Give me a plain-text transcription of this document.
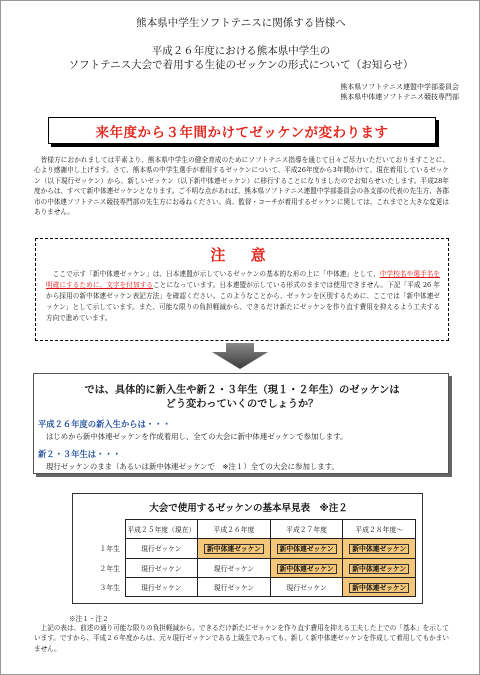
熊本県中学生ソフトテニスに関係する皆様へ
平成２６年度における熊本県中学生の
ソフトテニス大会で着用する生徒のゼッケンの形式について（お知らせ）
熊本県ソフトテニス連盟中学部委員会
熊本県中体連ソフトテニス競技専門部
来年度から３年間かけてゼッケンが変わります
　皆様方におかれましては平素より、熊本県中学生の健全育成のためにソフトテニス指導を通じて日々ご尽力いただいておりますことに、心より感謝申し上げます。さて、熊本県の中学生選手が着用するゼッケンについて、平成26年度から3年間かけて、現在着用しているゼッケン（以下現行ゼッケン）から、新しいゼッケン（以下新中体連ゼッケン）に移行することになりましたのでお知らせいたします。平成28年度からは、すべて新中体連ゼッケンとなります。ご不明な点があれば、熊本県ソフトテニス連盟中学部委員会の各支部の代表の先生方、各郡市の中体連ソフトテニス競技専門部の先生方にお尋ねください。尚、監督・コーチが着用するゼッケンに関しては、これまでと大きな変更はありません。
注 意
　ここで示す「新中体連ゼッケン」は、日本連盟が示しているゼッケンの基本的な形の上に「中体連」として、中学校名や選手名を明確にするために、文字を付加することになっています。日本連盟が示している形式のままでは使用できません。下記「平成 26 年から採用の新中体連ゼッケン表記方法」を確認ください。このようなことから、ゼッケンを区別するために、ここでは「新中体連ゼッケン」として示しています。また、可能な限りの負担軽減から、できるだけ新たにゼッケンを作り直す費用を抑えるよう工夫する方向で進めています。
では、具体的に新入生や新２・３年生（現１・２年生）のゼッケンは
どう変わっていくのでしょうか？
平成２６年度の新入生からは・・・
はじめから新中体連ゼッケンを作成着用し、全ての大会に新中体連ゼッケンで参加します。
新２・３年生は・・・
現行ゼッケンのまま（あるいは新中体連ゼッケンで　※注１）全ての大会に参加します。
大会で使用するゼッケンの基本早見表　※注２
	平成２５年度（現在）	平成２６年度	平成２７年度	平成２８年度～
１年生	現行ゼッケン	新中体連ゼッケン	新中体連ゼッケン	新中体連ゼッケン
２年生	現行ゼッケン	現行ゼッケン	新中体連ゼッケン	新中体連ゼッケン
３年生	現行ゼッケン	現行ゼッケン	現行ゼッケン	新中体連ゼッケン
※注１・注２
　上記の表は、前述の通り可能な限りの負担軽減から、できるだけ新たにゼッケンを作り直す費用を抑える工夫した上での「基本」を示しています。ですから、平成２６年度からは、元々現行ゼッケンである上級生であっても、新しく新中体連ゼッケンを作成して着用してもかまいません。
